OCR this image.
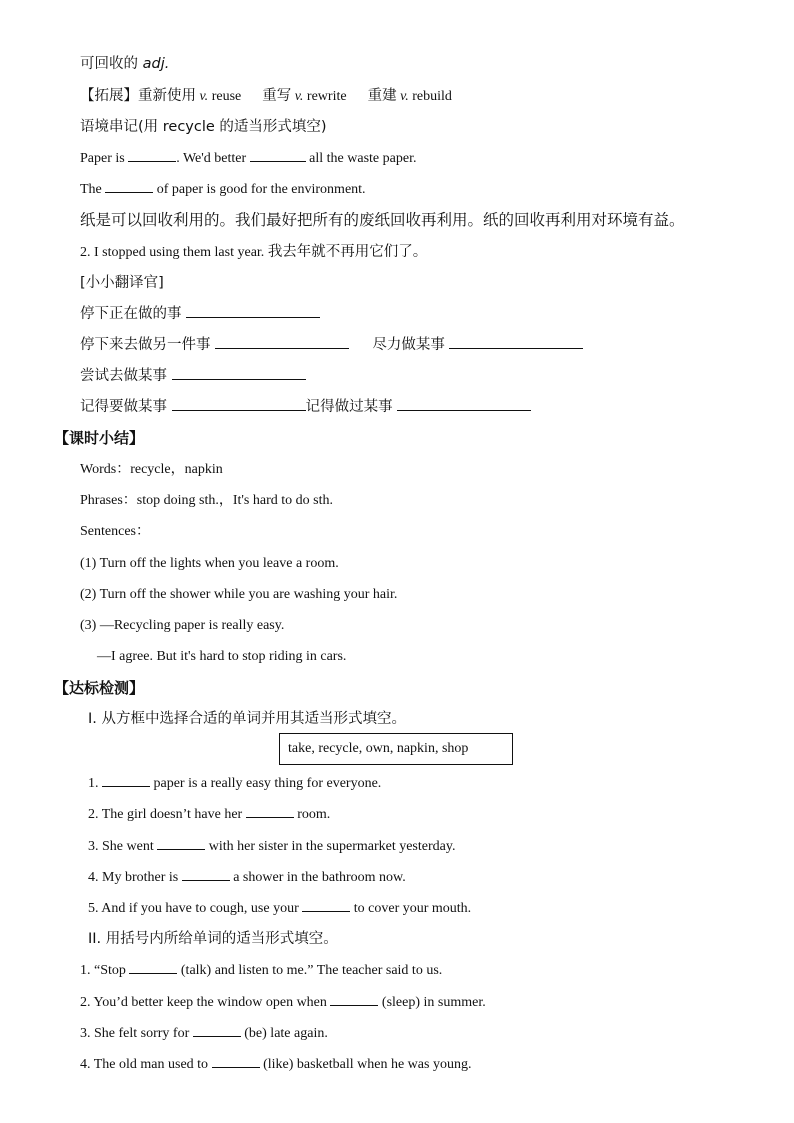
可回收的 adj.
【拓展】重新使用 v. reuse 重写 v. rewrite 重建 v. rebuild
语境串记(用 recycle 的适当形式填空)
Paper is	. We'd better	all the waste paper.
The	of paper is good for the environment.
纸是可以回收利用的。我们最好把所有的废纸回收再利用。纸的回收再利用对环境有益。
2. I stopped using them last year. 我去年就不再用它们了。
[小小翻译官]
停下正在做的事
停下来去做另一件事	尽力做某事
尝试去做某事
记得要做某事	记得做过某事
【课时小结】
Words：recycle，napkin
Phrases：stop doing sth.，It's hard to do sth.
Sentences：
(1) Turn off the lights when you leave a room.
(2) Turn off the shower while you are washing your hair.
(3) —Recycling paper is really easy.
—I agree. But it's hard to stop riding in cars.
【达标检测】
I. 从方框中选择合适的单词并用其适当形式填空。
take, recycle, own, napkin, shop
1.	paper is a really easy thing for everyone.
2. The girl doesn’t have her	room.
3. She went	with her sister in the supermarket yesterday.
4. My brother is	a shower in the bathroom now.
5. And if you have to cough, use your	to cover your mouth.
II. 用括号内所给单词的适当形式填空。
1. “Stop	(talk) and listen to me.” The teacher said to us.
2. You’d better keep the window open when	(sleep) in summer.
3. She felt sorry for	(be) late again.
4. The old man used to	(like) basketball when he was young.
